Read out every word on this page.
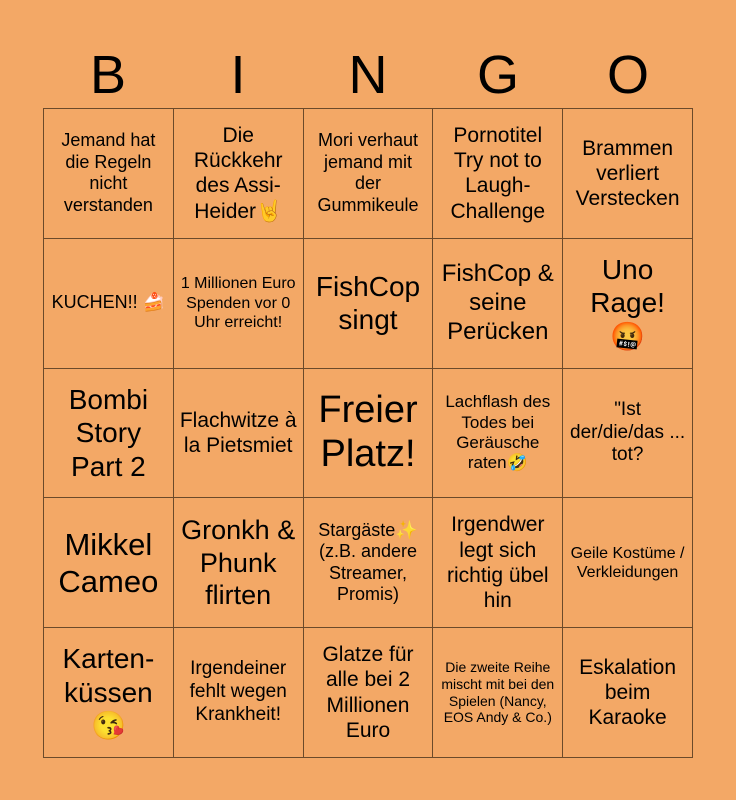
B	I	N	G	O
Jemand hat die Regeln nicht verstanden
Die Rückkehr des Assi-Heider🤘
Mori verhaut jemand mit der Gummikeule
Pornotitel Try not to Laugh-Challenge
Brammen verliert Verstecken
KUCHEN!! 🍰
1 Millionen Euro Spenden vor 0 Uhr erreicht!
FishCop singt
FishCop & seine Perücken
Uno Rage! 🤬
Bombi Story Part 2
Flachwitze à la Pietsmiet
Freier Platz!
Lachflash des Todes bei Geräusche raten🤣
"Ist der/die/das ... tot?
Mikkel Cameo
Gronkh & Phunk flirten
Stargäste✨ (z.B. andere Streamer, Promis)
Irgendwer legt sich richtig übel hin
Geile Kostüme / Verkleidungen
Karten-küssen 😘
Irgendeiner fehlt wegen Krankheit!
Glatze für alle bei 2 Millionen Euro
Die zweite Reihe mischt mit bei den Spielen (Nancy, EOS Andy & Co.)
Eskalation beim Karaoke
